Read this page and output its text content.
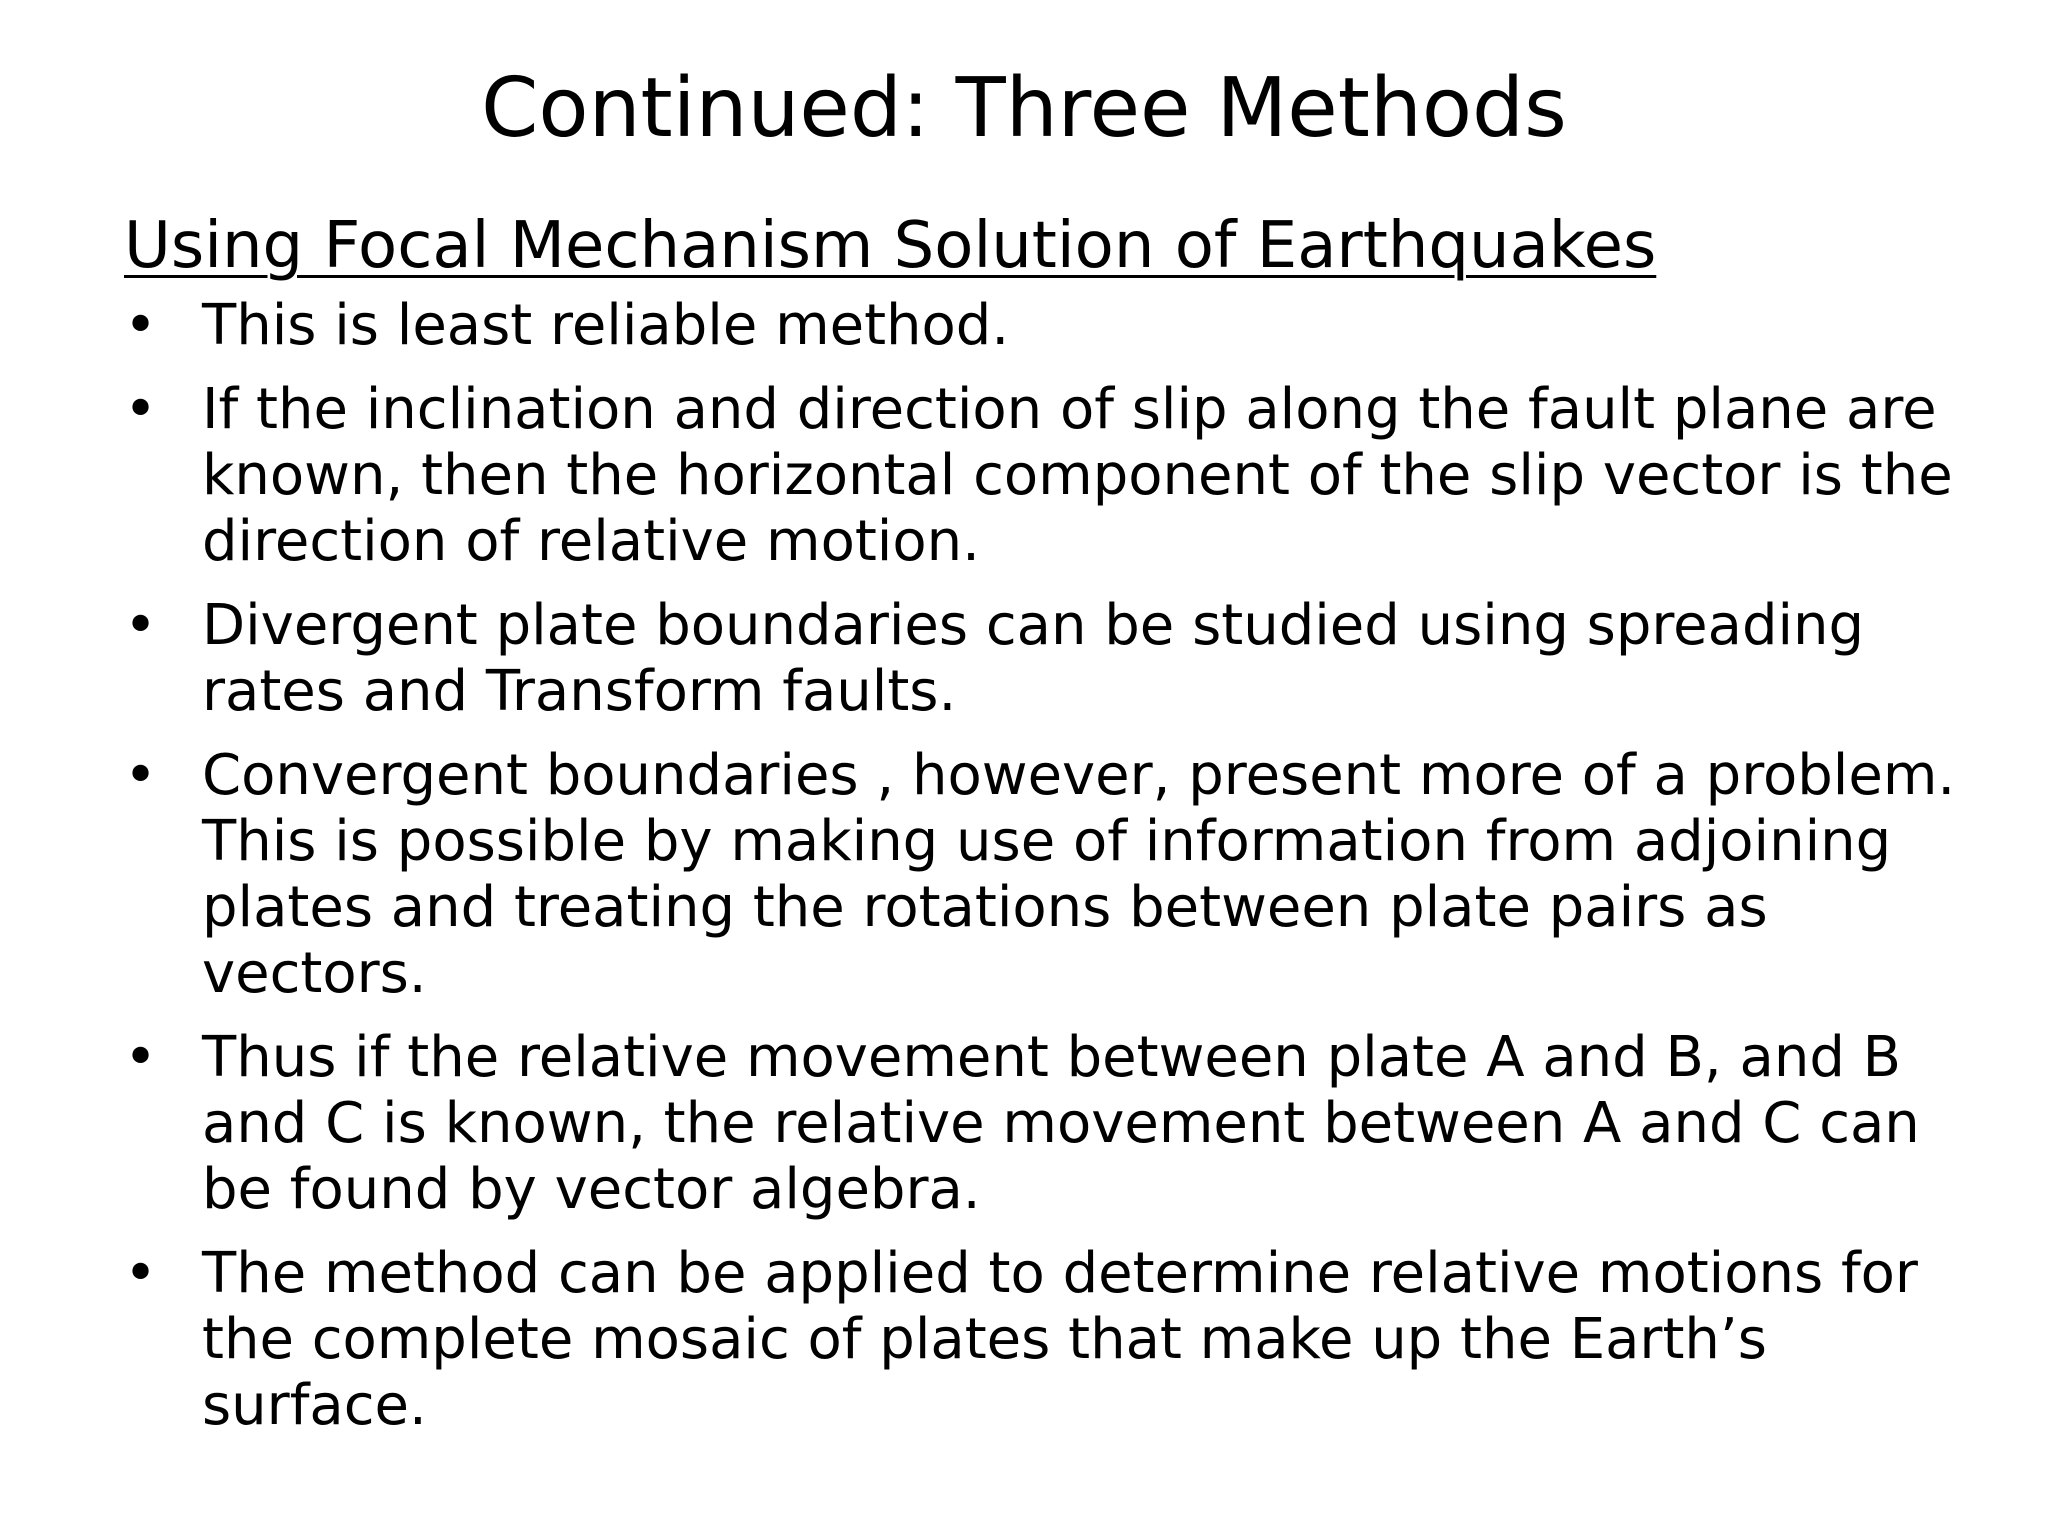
Continued: Three Methods
Using Focal Mechanism Solution of Earthquakes
• This is least reliable method.
• If the inclination and direction of slip along the fault plane are known, then the horizontal component of the slip vector is the direction of relative motion.
• Divergent plate boundaries can be studied using spreading rates and Transform faults.
• Convergent boundaries , however, present more of a problem. This is possible by making use of information from adjoining plates and treating the rotations between plate pairs as vectors.
• Thus if the relative movement between plate A and B, and B and C is known, the relative movement between A and C can be found by vector algebra.
• The method can be applied to determine relative motions for the complete mosaic of plates that make up the Earth’s surface.
